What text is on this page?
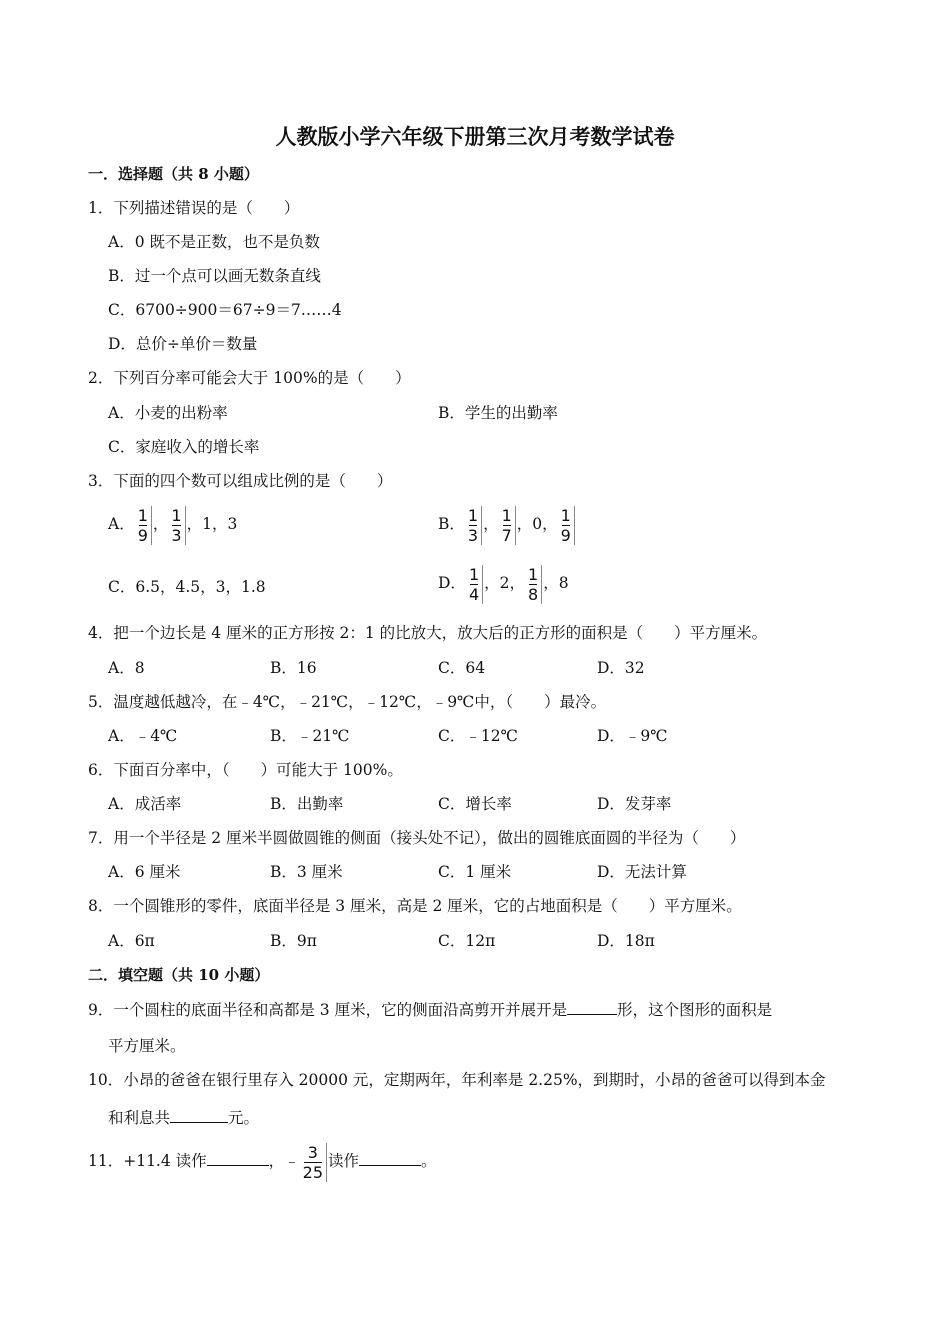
人教版小学六年级下册第三次月考数学试卷
一．选择题（共 8 小题）
1．下列描述错误的是（　　）
A．0 既不是正数，也不是负数
B．过一个点可以画无数条直线
C．6700÷900＝67÷9＝7……4
D．总价÷单价＝数量
2．下列百分率可能会大于 100%的是（　　）
A．小麦的出粉率	B．学生的出勤率
C．家庭收入的增长率
3．下面的四个数可以组成比例的是（　　）
A． $\frac{1}{9}$ ， $\frac{1}{3}$ ，1，3	B． $\frac{1}{3}$ ， $\frac{1}{7}$ ，0， $\frac{1}{9}$
C．6.5，4.5，3，1.8	D． $\frac{1}{4}$ ，2， $\frac{1}{8}$ ，8
4．把一个边长是 4 厘米的正方形按 2：1 的比放大，放大后的正方形的面积是（　　）平方厘米。
A．8	B．16	C．64	D．32
5．温度越低越冷，在﹣4℃，﹣21℃，﹣12℃，﹣9℃中，（　　）最冷。
A．﹣4℃	B．﹣21℃	C．﹣12℃	D．﹣9℃
6．下面百分率中，（　　）可能大于 100%。
A．成活率	B．出勤率	C．增长率	D．发芽率
7．用一个半径是 2 厘米半圆做圆锥的侧面（接头处不记），做出的圆锥底面圆的半径为（　　）
A．6 厘米	B．3 厘米	C．1 厘米	D．无法计算
8．一个圆锥形的零件，底面半径是 3 厘米，高是 2 厘米，它的占地面积是（　　）平方厘米。
A．6π	B．9π	C．12π	D．18π
二．填空题（共 10 小题）
9．一个圆柱的底面半径和高都是 3 厘米，它的侧面沿高剪开并展开是	形，这个图形的面积是
平方厘米。
10．小昂的爸爸在银行里存入 20000 元，定期两年，年利率是 2.25%，到期时，小昂的爸爸可以得到本金
和利息共	元。
11．+11.4 读作	，﹣ $\frac{3}{25}$ 读作	。
